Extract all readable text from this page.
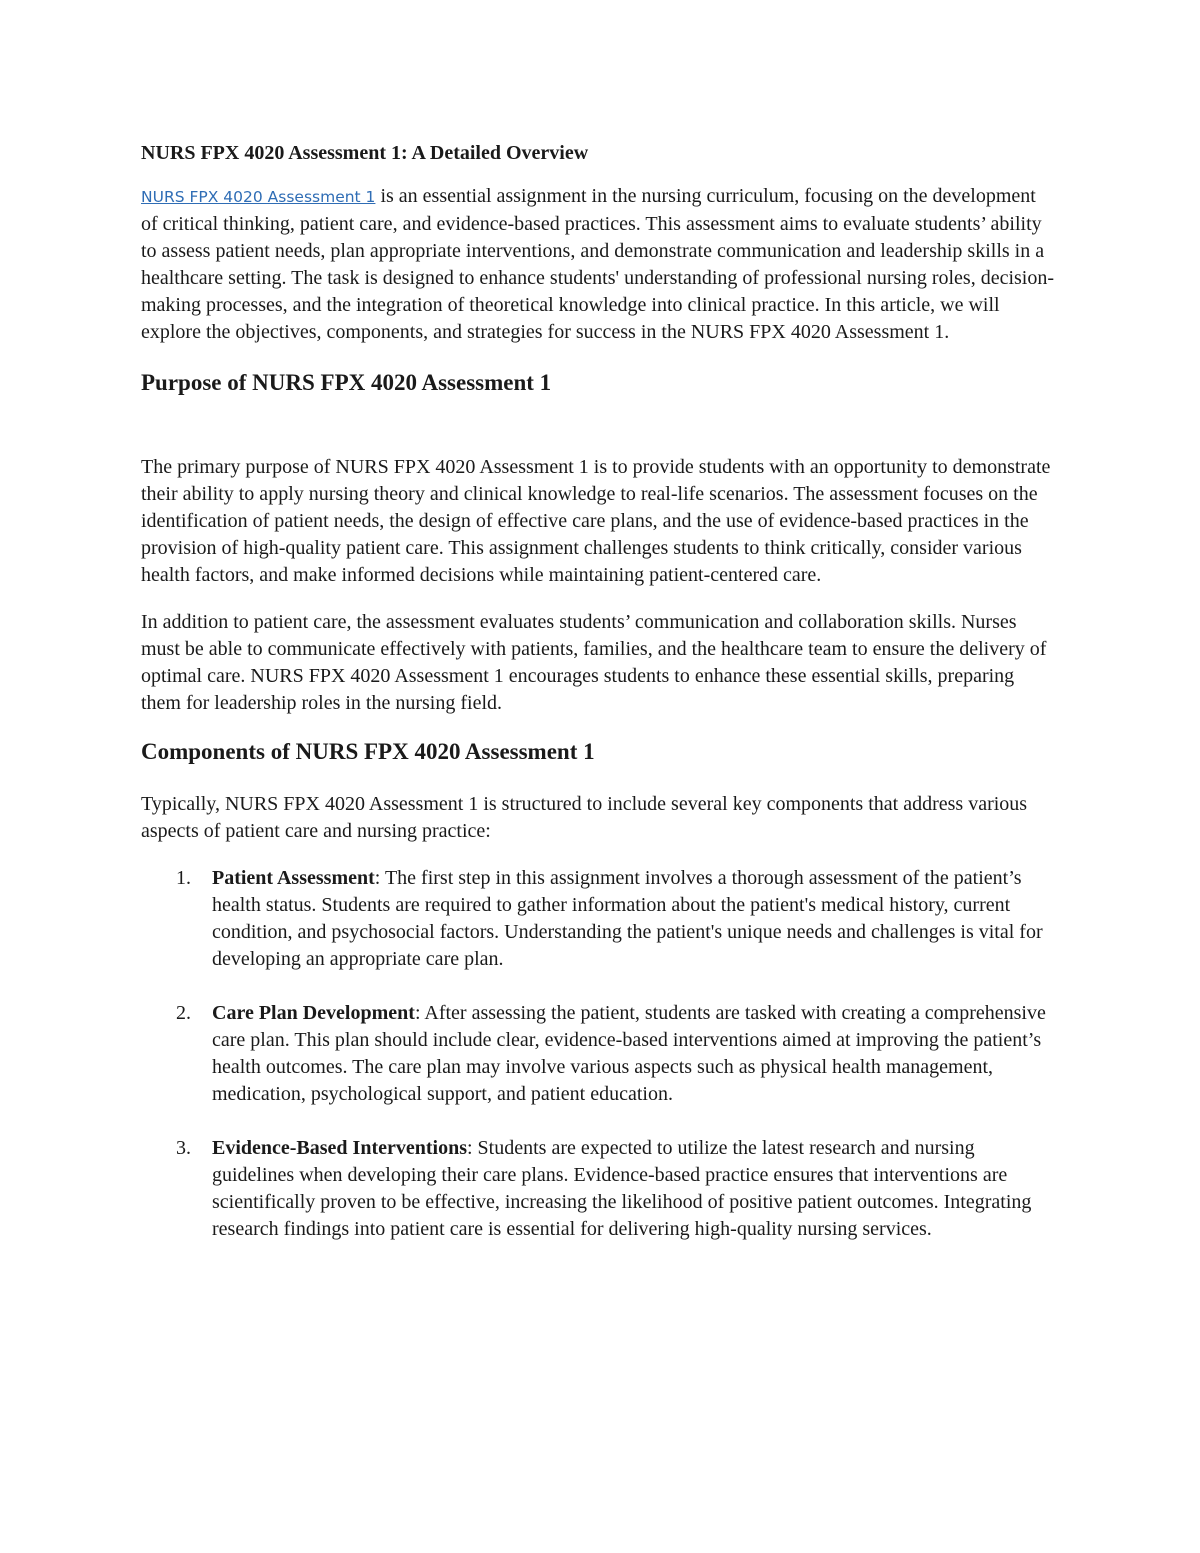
NURS FPX 4020 Assessment 1: A Detailed Overview

NURS FPX 4020 Assessment 1 is an essential assignment in the nursing curriculum, focusing on the development of critical thinking, patient care, and evidence-based practices. This assessment aims to evaluate students’ ability to assess patient needs, plan appropriate interventions, and demonstrate communication and leadership skills in a healthcare setting. The task is designed to enhance students' understanding of professional nursing roles, decision-making processes, and the integration of theoretical knowledge into clinical practice. In this article, we will explore the objectives, components, and strategies for success in the NURS FPX 4020 Assessment 1.

Purpose of NURS FPX 4020 Assessment 1

The primary purpose of NURS FPX 4020 Assessment 1 is to provide students with an opportunity to demonstrate their ability to apply nursing theory and clinical knowledge to real-life scenarios. The assessment focuses on the identification of patient needs, the design of effective care plans, and the use of evidence-based practices in the provision of high-quality patient care. This assignment challenges students to think critically, consider various health factors, and make informed decisions while maintaining patient-centered care.

In addition to patient care, the assessment evaluates students’ communication and collaboration skills. Nurses must be able to communicate effectively with patients, families, and the healthcare team to ensure the delivery of optimal care. NURS FPX 4020 Assessment 1 encourages students to enhance these essential skills, preparing them for leadership roles in the nursing field.

Components of NURS FPX 4020 Assessment 1

Typically, NURS FPX 4020 Assessment 1 is structured to include several key components that address various aspects of patient care and nursing practice:

1. Patient Assessment: The first step in this assignment involves a thorough assessment of the patient’s health status. Students are required to gather information about the patient's medical history, current condition, and psychosocial factors. Understanding the patient's unique needs and challenges is vital for developing an appropriate care plan.
2. Care Plan Development: After assessing the patient, students are tasked with creating a comprehensive care plan. This plan should include clear, evidence-based interventions aimed at improving the patient’s health outcomes. The care plan may involve various aspects such as physical health management, medication, psychological support, and patient education.
3. Evidence-Based Interventions: Students are expected to utilize the latest research and nursing guidelines when developing their care plans. Evidence-based practice ensures that interventions are scientifically proven to be effective, increasing the likelihood of positive patient outcomes. Integrating research findings into patient care is essential for delivering high-quality nursing services.
